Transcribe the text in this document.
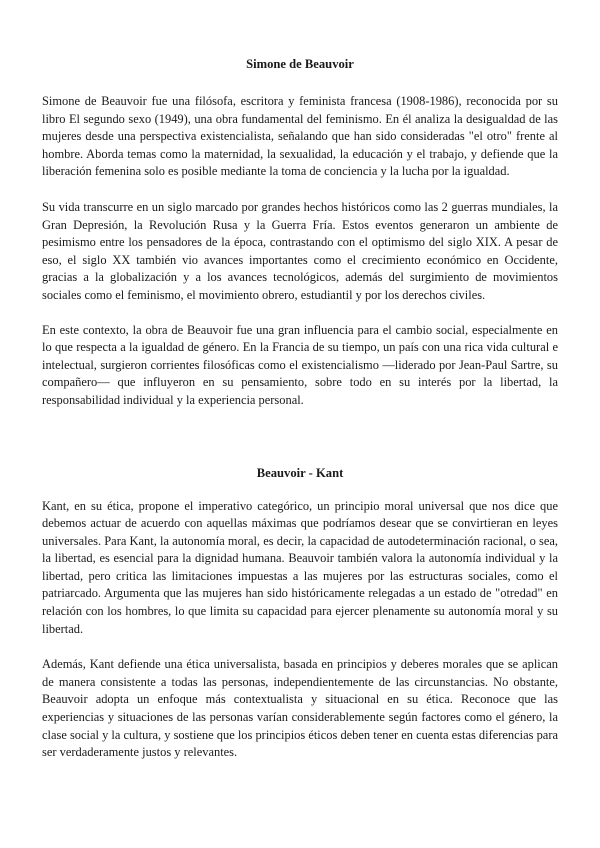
Simone de Beauvoir

Simone de Beauvoir fue una filósofa, escritora y feminista francesa (1908-1986), reconocida por su libro El segundo sexo (1949), una obra fundamental del feminismo. En él analiza la desigualdad de las mujeres desde una perspectiva existencialista, señalando que han sido consideradas "el otro" frente al hombre. Aborda temas como la maternidad, la sexualidad, la educación y el trabajo, y defiende que la liberación femenina solo es posible mediante la toma de conciencia y la lucha por la igualdad.

Su vida transcurre en un siglo marcado por grandes hechos históricos como las 2 guerras mundiales, la Gran Depresión, la Revolución Rusa y la Guerra Fría. Estos eventos generaron un ambiente de pesimismo entre los pensadores de la época, contrastando con el optimismo del siglo XIX. A pesar de eso, el siglo XX también vio avances importantes como el crecimiento económico en Occidente, gracias a la globalización y a los avances tecnológicos, además del surgimiento de movimientos sociales como el feminismo, el movimiento obrero, estudiantil y por los derechos civiles.

En este contexto, la obra de Beauvoir fue una gran influencia para el cambio social, especialmente en lo que respecta a la igualdad de género. En la Francia de su tiempo, un país con una rica vida cultural e intelectual, surgieron corrientes filosóficas como el existencialismo —liderado por Jean-Paul Sartre, su compañero— que influyeron en su pensamiento, sobre todo en su interés por la libertad, la responsabilidad individual y la experiencia personal.

Beauvoir - Kant

Kant, en su ética, propone el imperativo categórico, un principio moral universal que nos dice que debemos actuar de acuerdo con aquellas máximas que podríamos desear que se convirtieran en leyes universales. Para Kant, la autonomía moral, es decir, la capacidad de autodeterminación racional, o sea, la libertad, es esencial para la dignidad humana. Beauvoir también valora la autonomía individual y la libertad, pero critica las limitaciones impuestas a las mujeres por las estructuras sociales, como el patriarcado. Argumenta que las mujeres han sido históricamente relegadas a un estado de "otredad" en relación con los hombres, lo que limita su capacidad para ejercer plenamente su autonomía moral y su libertad.

Además, Kant defiende una ética universalista, basada en principios y deberes morales que se aplican de manera consistente a todas las personas, independientemente de las circunstancias. No obstante, Beauvoir adopta un enfoque más contextualista y situacional en su ética. Reconoce que las experiencias y situaciones de las personas varían considerablemente según factores como el género, la clase social y la cultura, y sostiene que los principios éticos deben tener en cuenta estas diferencias para ser verdaderamente justos y relevantes.
